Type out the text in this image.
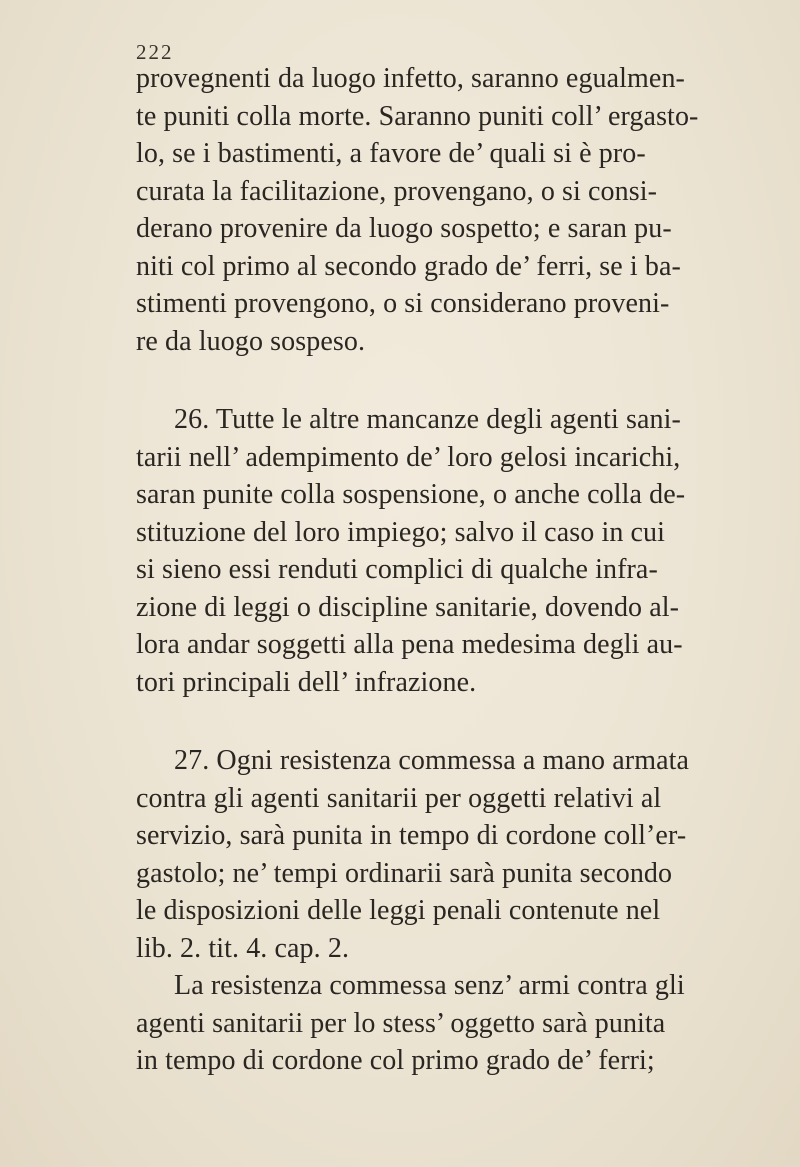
222
provegnenti da luogo infetto, saranno egualmen-
te puniti colla morte. Saranno puniti coll’ ergasto-
lo, se i bastimenti, a favore de’ quali si è pro-
curata la facilitazione, provengano, o si consi-
derano provenire da luogo sospetto; e saran pu-
niti col primo al secondo grado de’ ferri, se i ba-
stimenti provengono, o si considerano proveni-
re da luogo sospeso.
26. Tutte le altre mancanze degli agenti sani-
tarii nell’ adempimento de’ loro gelosi incarichi,
saran punite colla sospensione, o anche colla de-
stituzione del loro impiego; salvo il caso in cui
si sieno essi renduti complici di qualche infra-
zione di leggi o discipline sanitarie, dovendo al-
lora andar soggetti alla pena medesima degli au-
tori principali dell’ infrazione.
27. Ogni resistenza commessa a mano armata
contra gli agenti sanitarii per oggetti relativi al
servizio, sarà punita in tempo di cordone coll’er-
gastolo; ne’ tempi ordinarii sarà punita secondo
le disposizioni delle leggi penali contenute nel
lib. 2. tit. 4. cap. 2.
La resistenza commessa senz’ armi contra gli
agenti sanitarii per lo stess’ oggetto sarà punita
in tempo di cordone col primo grado de’ ferri;
